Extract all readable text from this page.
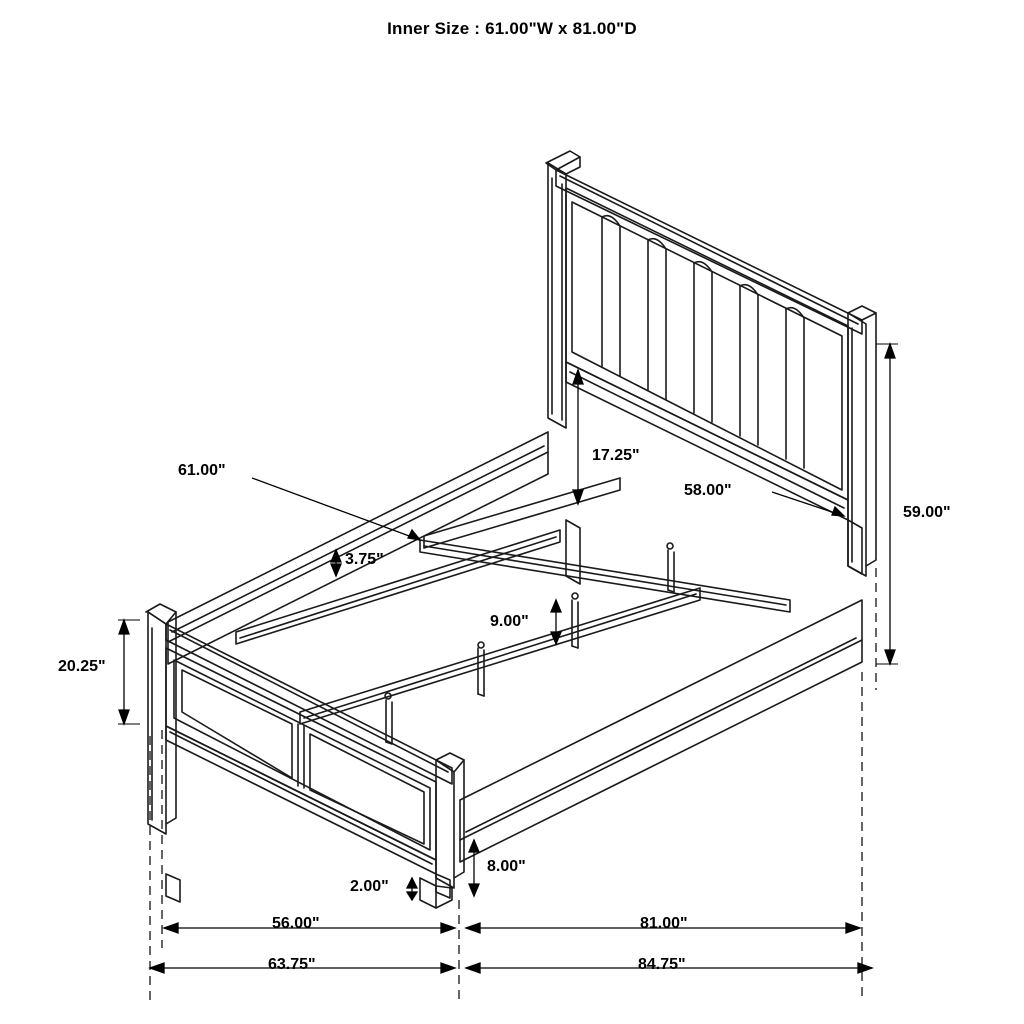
Inner Size : 61.00"W x 81.00"D
59.00"
58.00"
17.25"
20.25"
3.75"
9.00"
61.00"
8.00"
2.00"
81.00"
56.00"
63.75"	84.75"
